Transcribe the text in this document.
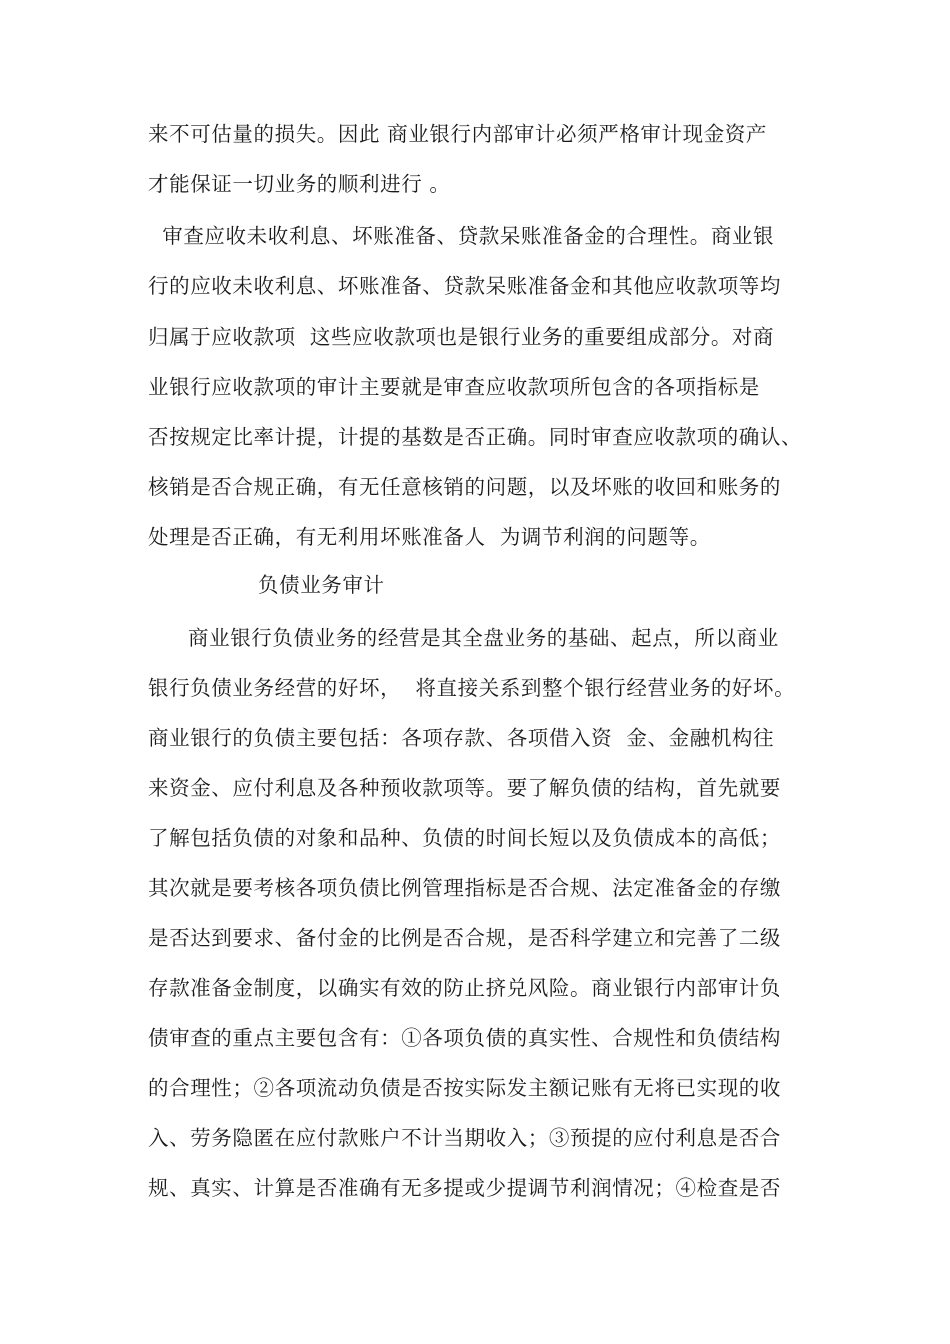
来不可估量的损失。因此 商业银行内部审计必须严格审计现金资产
才能保证一切业务的顺利进行 。
审查应收未收利息、坏账准备、贷款呆账准备金的合理性。商业银
行的应收未收利息、坏账准备、贷款呆账准备金和其他应收款项等均
归属于应收款项  这些应收款项也是银行业务的重要组成部分。对商
业银行应收款项的审计主要就是审查应收款项所包含的各项指标是
否按规定比率计提，计提的基数是否正确。同时审查应收款项的确认、
核销是否合规正确，有无任意核销的问题，以及坏账的收回和账务的
处理是否正确，有无利用坏账准备人  为调节利润的问题等。
负债业务审计
商业银行负债业务的经营是其全盘业务的基础、起点，所以商业
银行负债业务经营的好坏，  将直接关系到整个银行经营业务的好坏。
商业银行的负债主要包括：各项存款、各项借入资  金、金融机构往
来资金、应付利息及各种预收款项等。要了解负债的结构，首先就要
了解包括负债的对象和品种、负债的时间长短以及负债成本的高低；
其次就是要考核各项负债比例管理指标是否合规、法定准备金的存缴
是否达到要求、备付金的比例是否合规，是否科学建立和完善了二级
存款准备金制度，以确实有效的防止挤兑风险。商业银行内部审计负
债审查的重点主要包含有：①各项负债的真实性、合规性和负债结构
的合理性；②各项流动负债是否按实际发主额记账有无将已实现的收
入、劳务隐匿在应付款账户不计当期收入；③预提的应付利息是否合
规、真实、计算是否准确有无多提或少提调节利润情况；④检查是否
